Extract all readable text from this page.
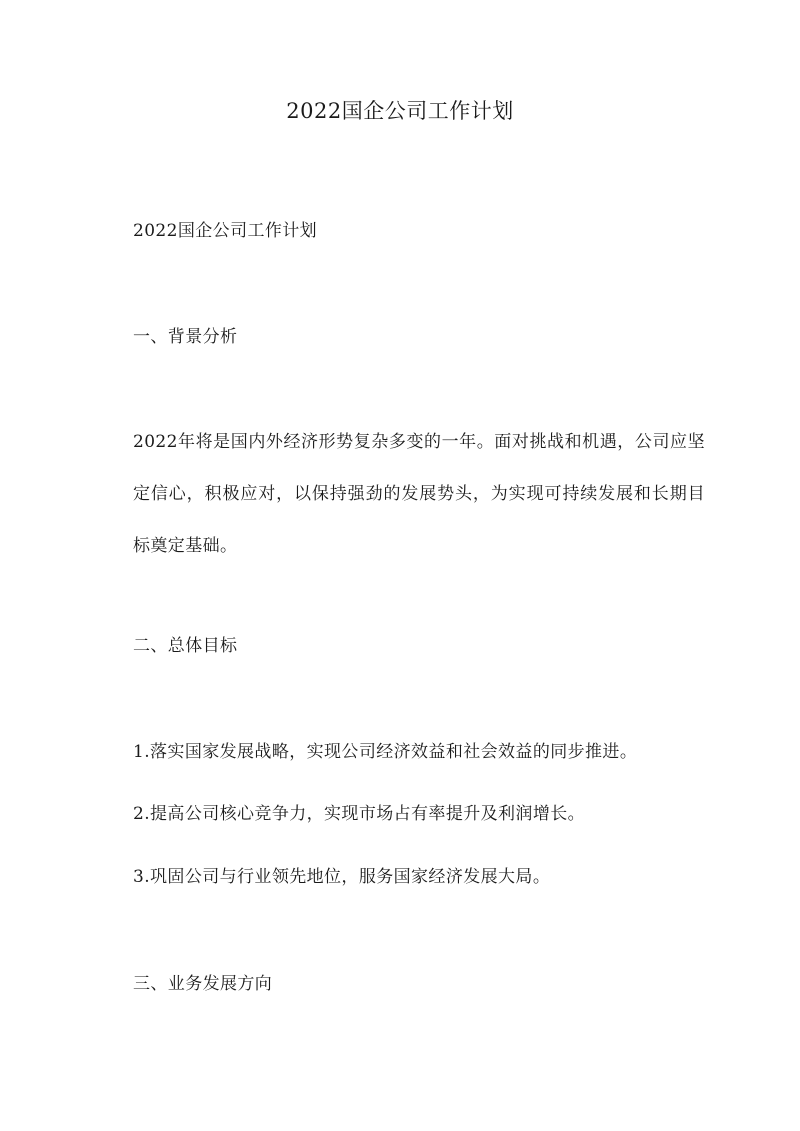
2022国企公司工作计划
2022国企公司工作计划
一、背景分析
2022年将是国内外经济形势复杂多变的一年。面对挑战和机遇，公司应坚定信心，积极应对，以保持强劲的发展势头，为实现可持续发展和长期目标奠定基础。
二、总体目标
1.落实国家发展战略，实现公司经济效益和社会效益的同步推进。
2.提高公司核心竞争力，实现市场占有率提升及利润增长。
3.巩固公司与行业领先地位，服务国家经济发展大局。
三、业务发展方向
